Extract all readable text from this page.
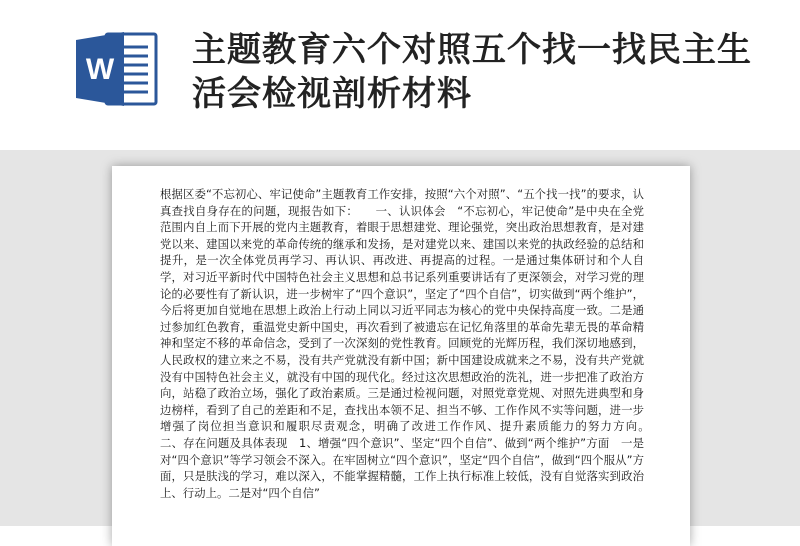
W 主题教育六个对照五个找一找民主生活会检视剖析材料

根据区委“不忘初心、牢记使命”主题教育工作安排，按照“六个对照”、“五个找一找”的要求，认真查找自身存在的问题，现报告如下：　　一、认识体会　“不忘初心，牢记使命”是中央在全党范围内自上而下开展的党内主题教育，着眼于思想建党、理论强党，突出政治思想教育，是对建党以来、建国以来党的革命传统的继承和发扬，是对建党以来、建国以来党的执政经验的总结和提升，是一次全体党员再学习、再认识、再改进、再提高的过程。一是通过集体研讨和个人自学，对习近平新时代中国特色社会主义思想和总书记系列重要讲话有了更深领会，对学习党的理论的必要性有了新认识，进一步树牢了“四个意识”，坚定了“四个自信”，切实做到“两个维护”，今后将更加自觉地在思想上政治上行动上同以习近平同志为核心的党中央保持高度一致。二是通过参加红色教育，重温党史新中国史，再次看到了被遗忘在记忆角落里的革命先辈无畏的革命精神和坚定不移的革命信念，受到了一次深刻的党性教育。回顾党的光辉历程，我们深切地感到，人民政权的建立来之不易，没有共产党就没有新中国；新中国建设成就来之不易，没有共产党就没有中国特色社会主义，就没有中国的现代化。经过这次思想政治的洗礼，进一步把准了政治方向，站稳了政治立场，强化了政治素质。三是通过检视问题，对照党章党规、对照先进典型和身边榜样，看到了自己的差距和不足，查找出本领不足、担当不够、工作作风不实等问题，进一步增强了岗位担当意识和履职尽责观念，明确了改进工作作风、提升素质能力的努力方向。　　二、存在问题及具体表现　1、增强“四个意识”、坚定“四个自信”、做到“两个维护”方面　一是对“四个意识”等学习领会不深入。在牢固树立“四个意识”，坚定“四个自信”，做到“四个服从”方面，只是肤浅的学习，难以深入，不能掌握精髓，工作上执行标准上较低，没有自觉落实到政治上、行动上。二是对“四个自信”
